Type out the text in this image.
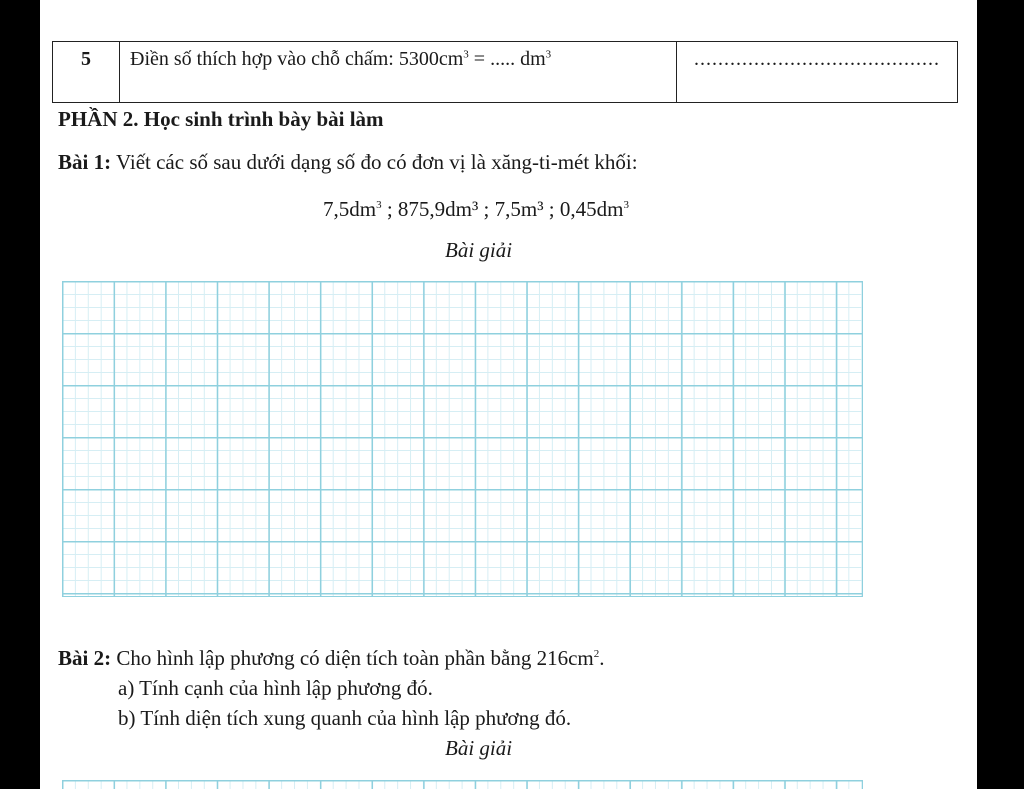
5	Điền số thích hợp vào chỗ chấm: $5300cm^3$ = ..... $dm^3$	.........................................
PHẦN 2. Học sinh trình bày bài làm
Bài 1: Viết các số sau dưới dạng số đo có đơn vị là xăng-ti-mét khối:
$7,5dm^3$ ; 875,9dm³ ; 7,5m³ ; $0,45dm^3$
Bài giải
Bài 2: Cho hình lập phương có diện tích toàn phần bằng $216cm^2$.
a) Tính cạnh của hình lập phương đó.
b) Tính diện tích xung quanh của hình lập phương đó.
Bài giải
